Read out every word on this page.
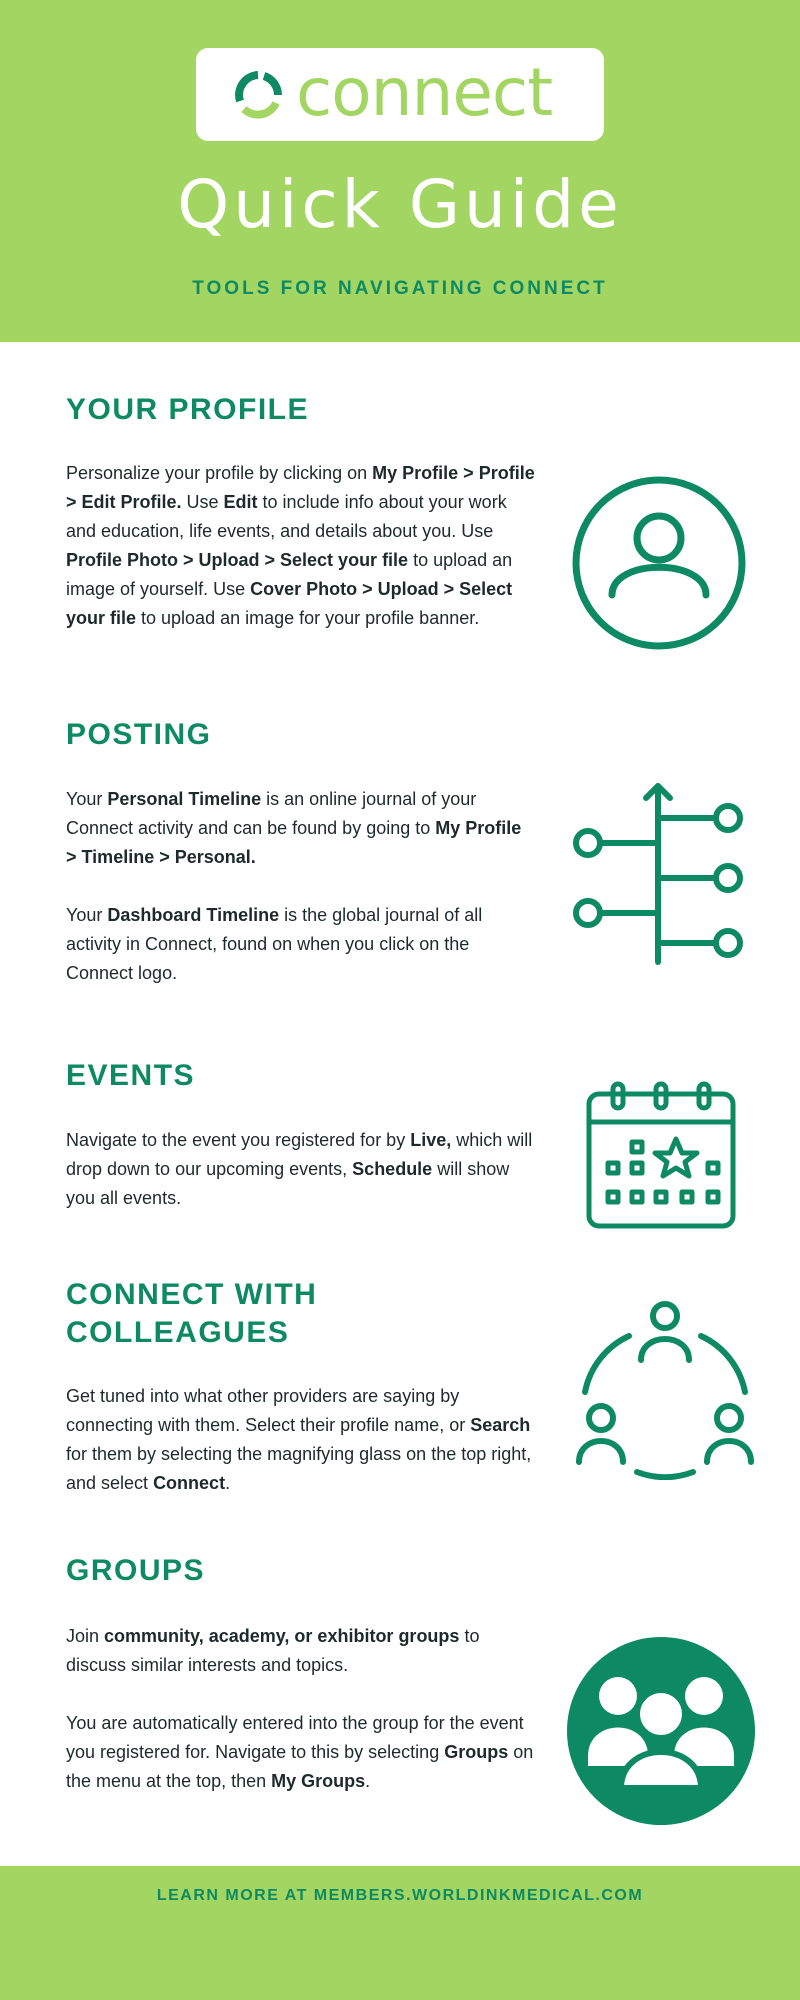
connect
Quick Guide
TOOLS FOR NAVIGATING CONNECT
YOUR PROFILE

Personalize your profile by clicking on My Profile > Profile > Edit Profile. Use Edit to include info about your work and education, life events, and details about you. Use Profile Photo > Upload > Select your file to upload an image of yourself. Use Cover Photo > Upload > Select your file to upload an image for your profile banner.

POSTING

Your Personal Timeline is an online journal of your Connect activity and can be found by going to My Profile > Timeline > Personal.

Your Dashboard Timeline is the global journal of all activity in Connect, found on when you click on the Connect logo.

EVENTS

Navigate to the event you registered for by Live, which will drop down to our upcoming events, Schedule will show you all events.

CONNECT WITH COLLEAGUES

Get tuned into what other providers are saying by connecting with them. Select their profile name, or Search for them by selecting the magnifying glass on the top right, and select Connect.

GROUPS

Join community, academy, or exhibitor groups to discuss similar interests and topics.

You are automatically entered into the group for the event you registered for. Navigate to this by selecting Groups on the menu at the top, then My Groups.

LEARN MORE AT MEMBERS.WORLDINKMEDICAL.COM
